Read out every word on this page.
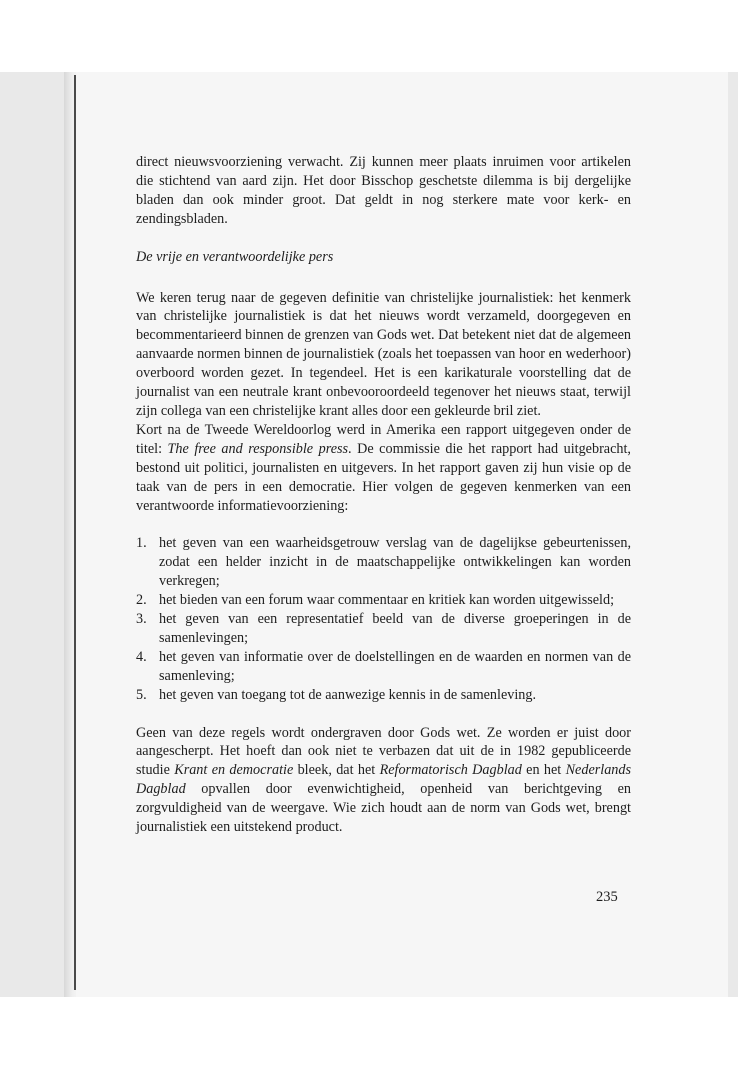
direct nieuwsvoorziening verwacht. Zij kunnen meer plaats inruimen voor artikelen die stichtend van aard zijn. Het door Bisschop geschetste dilemma is bij dergelijke bladen dan ook minder groot. Dat geldt in nog sterkere mate voor kerk- en zendingsbladen.

De vrije en verantwoordelijke pers

We keren terug naar de gegeven definitie van christelijke journalistiek: het kenmerk van christelijke journalistiek is dat het nieuws wordt verzameld, doorgegeven en becommentarieerd binnen de grenzen van Gods wet. Dat betekent niet dat de algemeen aanvaarde normen binnen de journalistiek (zoals het toepassen van hoor en wederhoor) overboord worden gezet. In tegendeel. Het is een karikaturale voorstelling dat de journalist van een neutrale krant onbevooroordeeld tegenover het nieuws staat, terwijl zijn collega van een christelijke krant alles door een gekleurde bril ziet.

Kort na de Tweede Wereldoorlog werd in Amerika een rapport uitgegeven onder de titel: The free and responsible press. De commissie die het rapport had uitgebracht, bestond uit politici, journalisten en uitgevers. In het rapport gaven zij hun visie op de taak van de pers in een democratie. Hier volgen de gegeven kenmerken van een verantwoorde informatievoorziening:

1. het geven van een waarheidsgetrouw verslag van de dagelijkse gebeurtenissen, zodat een helder inzicht in de maatschappelijke ontwikkelingen kan worden verkregen;
2. het bieden van een forum waar commentaar en kritiek kan worden uitgewisseld;
3. het geven van een representatief beeld van de diverse groeperingen in de samenlevingen;
4. het geven van informatie over de doelstellingen en de waarden en normen van de samenleving;
5. het geven van toegang tot de aanwezige kennis in de samenleving.

Geen van deze regels wordt ondergraven door Gods wet. Ze worden er juist door aangescherpt. Het hoeft dan ook niet te verbazen dat uit de in 1982 gepubliceerde studie Krant en democratie bleek, dat het Reformatorisch Dagblad en het Nederlands Dagblad opvallen door evenwichtigheid, openheid van berichtgeving en zorgvuldigheid van de weergave. Wie zich houdt aan de norm van Gods wet, brengt journalistiek een uitstekend product.

235
